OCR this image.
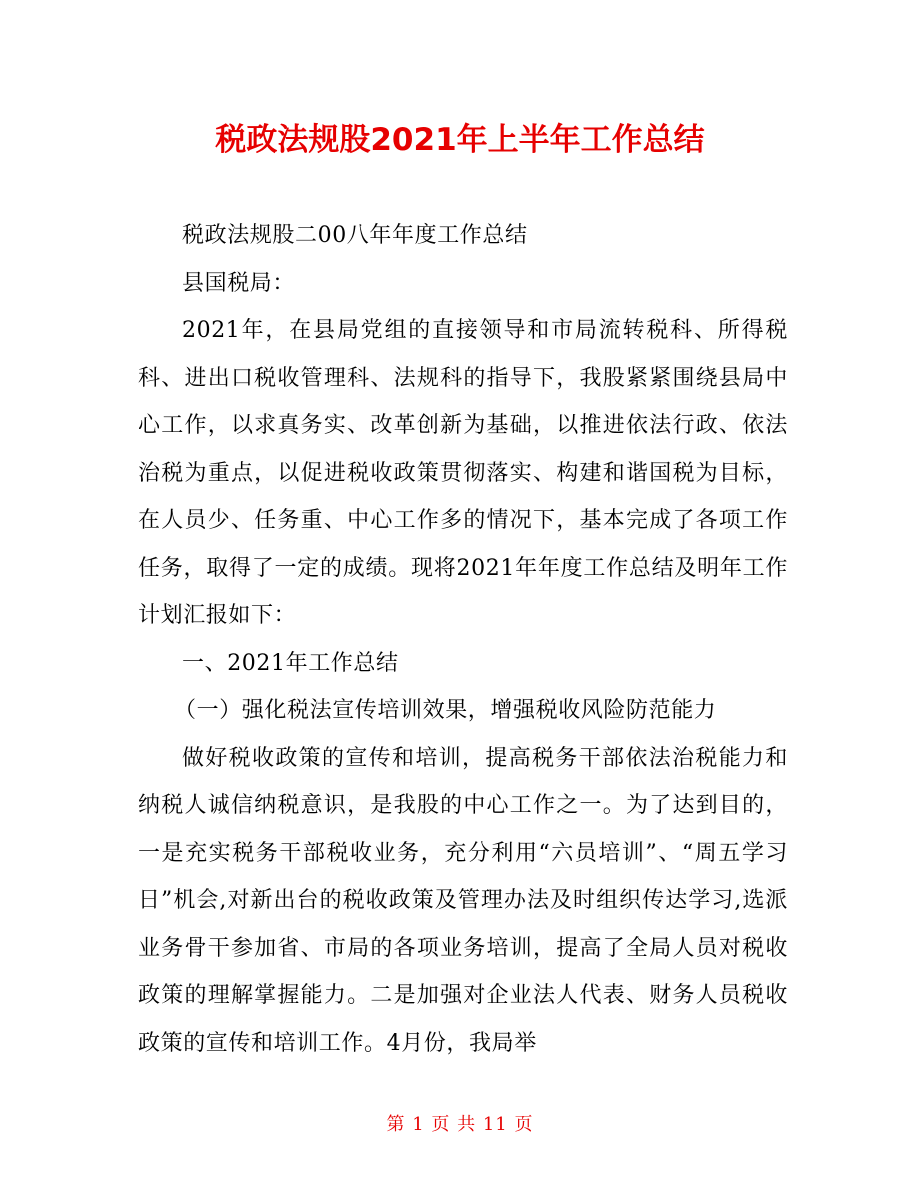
税政法规股2021年上半年工作总结

税政法规股二00八年年度工作总结

县国税局：

2021年，在县局党组的直接领导和市局流转税科、所得税科、进出口税收管理科、法规科的指导下，我股紧紧围绕县局中心工作，以求真务实、改革创新为基础，以推进依法行政、依法治税为重点，以促进税收政策贯彻落实、构建和谐国税为目标，在人员少、任务重、中心工作多的情况下，基本完成了各项工作任务，取得了一定的成绩。现将2021年年度工作总结及明年工作计划汇报如下：

一、2021年工作总结

（一）强化税法宣传培训效果，增强税收风险防范能力

做好税收政策的宣传和培训，提高税务干部依法治税能力和纳税人诚信纳税意识，是我股的中心工作之一。为了达到目的，一是充实税务干部税收业务，充分利用“六员培训”、“周五学习日”机会,对新出台的税收政策及管理办法及时组织传达学习,选派业务骨干参加省、市局的各项业务培训，提高了全局人员对税收政策的理解掌握能力。二是加强对企业法人代表、财务人员税收政策的宣传和培训工作。4月份，我局举

第 1 页 共 11 页
